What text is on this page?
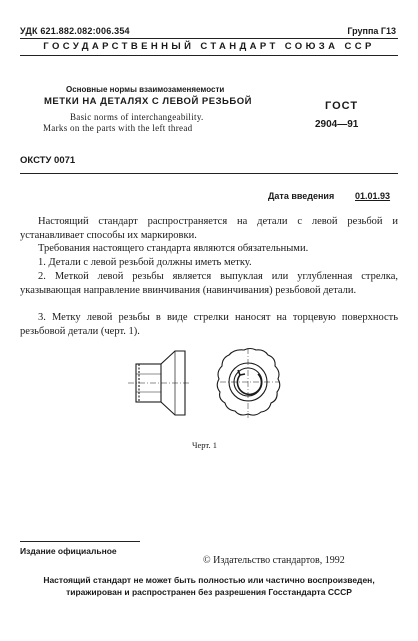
УДК 621.882.082:006.354	Группа Г13
ГОСУДАРСТВЕННЫЙ СТАНДАРТ СОЮЗА ССР
Основные нормы взаимозаменяемости
МЕТКИ НА ДЕТАЛЯХ С ЛЕВОЙ РЕЗЬБОЙ
Basic norms of interchangeability.
Marks on the parts with the left thread
ГОСТ
2904—91
ОКСТУ 0071
Дата введения 01.01.93
Настоящий стандарт распространяется на детали с левой резьбой и устанавливает способы их маркировки.
Требования настоящего стандарта являются обязательными.
1. Детали с левой резьбой должны иметь метку.
2. Меткой левой резьбы является выпуклая или углубленная стрелка, указывающая направление ввинчивания (навинчивания) резьбовой детали.
3. Метку левой резьбы в виде стрелки наносят на торцевую поверхность резьбовой детали (черт. 1).
Черт. 1
Издание официальное
© Издательство стандартов, 1992
Настоящий стандарт не может быть полностью или частично воспроизведен, тиражирован и распространен без разрешения Госстандарта СССР
